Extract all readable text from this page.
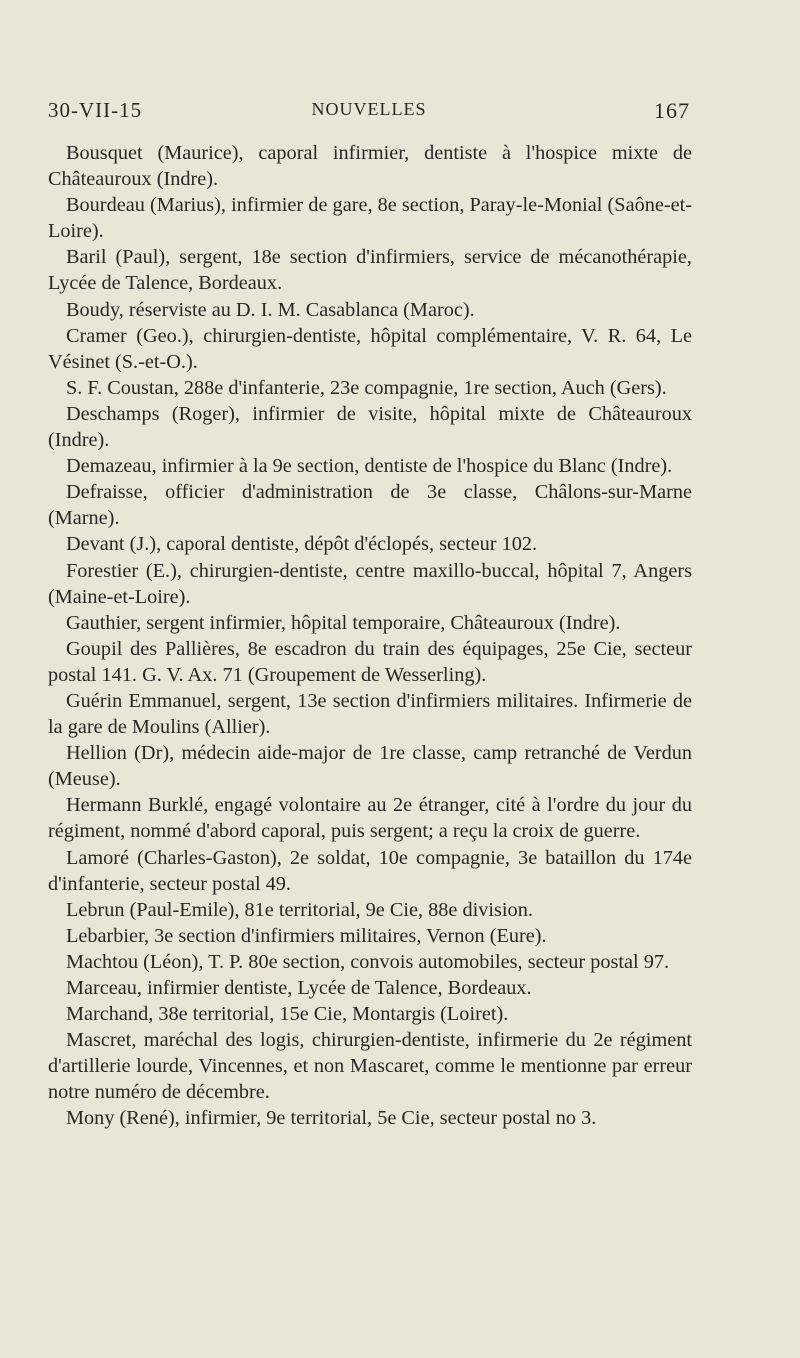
30-VII-15	NOUVELLES	167

Bousquet (Maurice), caporal infirmier, dentiste à l'hospice mixte de Châteauroux (Indre).

Bourdeau (Marius), infirmier de gare, 8e section, Paray-le-Monial (Saône-et-Loire).

Baril (Paul), sergent, 18e section d'infirmiers, service de mécanothérapie, Lycée de Talence, Bordeaux.

Boudy, réserviste au D. I. M. Casablanca (Maroc).

Cramer (Geo.), chirurgien-dentiste, hôpital complémentaire, V. R. 64, Le Vésinet (S.-et-O.).

S. F. Coustan, 288e d'infanterie, 23e compagnie, 1re section, Auch (Gers).

Deschamps (Roger), infirmier de visite, hôpital mixte de Châteauroux (Indre).

Demazeau, infirmier à la 9e section, dentiste de l'hospice du Blanc (Indre).

Defraisse, officier d'administration de 3e classe, Châlons-sur-Marne (Marne).

Devant (J.), caporal dentiste, dépôt d'éclopés, secteur 102.

Forestier (E.), chirurgien-dentiste, centre maxillo-buccal, hôpital 7, Angers (Maine-et-Loire).

Gauthier, sergent infirmier, hôpital temporaire, Châteauroux (Indre).

Goupil des Pallières, 8e escadron du train des équipages, 25e Cie, secteur postal 141. G. V. Ax. 71 (Groupement de Wesserling).

Guérin Emmanuel, sergent, 13e section d'infirmiers militaires. Infirmerie de la gare de Moulins (Allier).

Hellion (Dr), médecin aide-major de 1re classe, camp retranché de Verdun (Meuse).

Hermann Burklé, engagé volontaire au 2e étranger, cité à l'ordre du jour du régiment, nommé d'abord caporal, puis sergent; a reçu la croix de guerre.

Lamoré (Charles-Gaston), 2e soldat, 10e compagnie, 3e bataillon du 174e d'infanterie, secteur postal 49.

Lebrun (Paul-Emile), 81e territorial, 9e Cie, 88e division.

Lebarbier, 3e section d'infirmiers militaires, Vernon (Eure).

Machtou (Léon), T. P. 80e section, convois automobiles, secteur postal 97.

Marceau, infirmier dentiste, Lycée de Talence, Bordeaux.

Marchand, 38e territorial, 15e Cie, Montargis (Loiret).

Mascret, maréchal des logis, chirurgien-dentiste, infirmerie du 2e régiment d'artillerie lourde, Vincennes, et non Mascaret, comme le mentionne par erreur notre numéro de décembre.

Mony (René), infirmier, 9e territorial, 5e Cie, secteur postal no 3.
